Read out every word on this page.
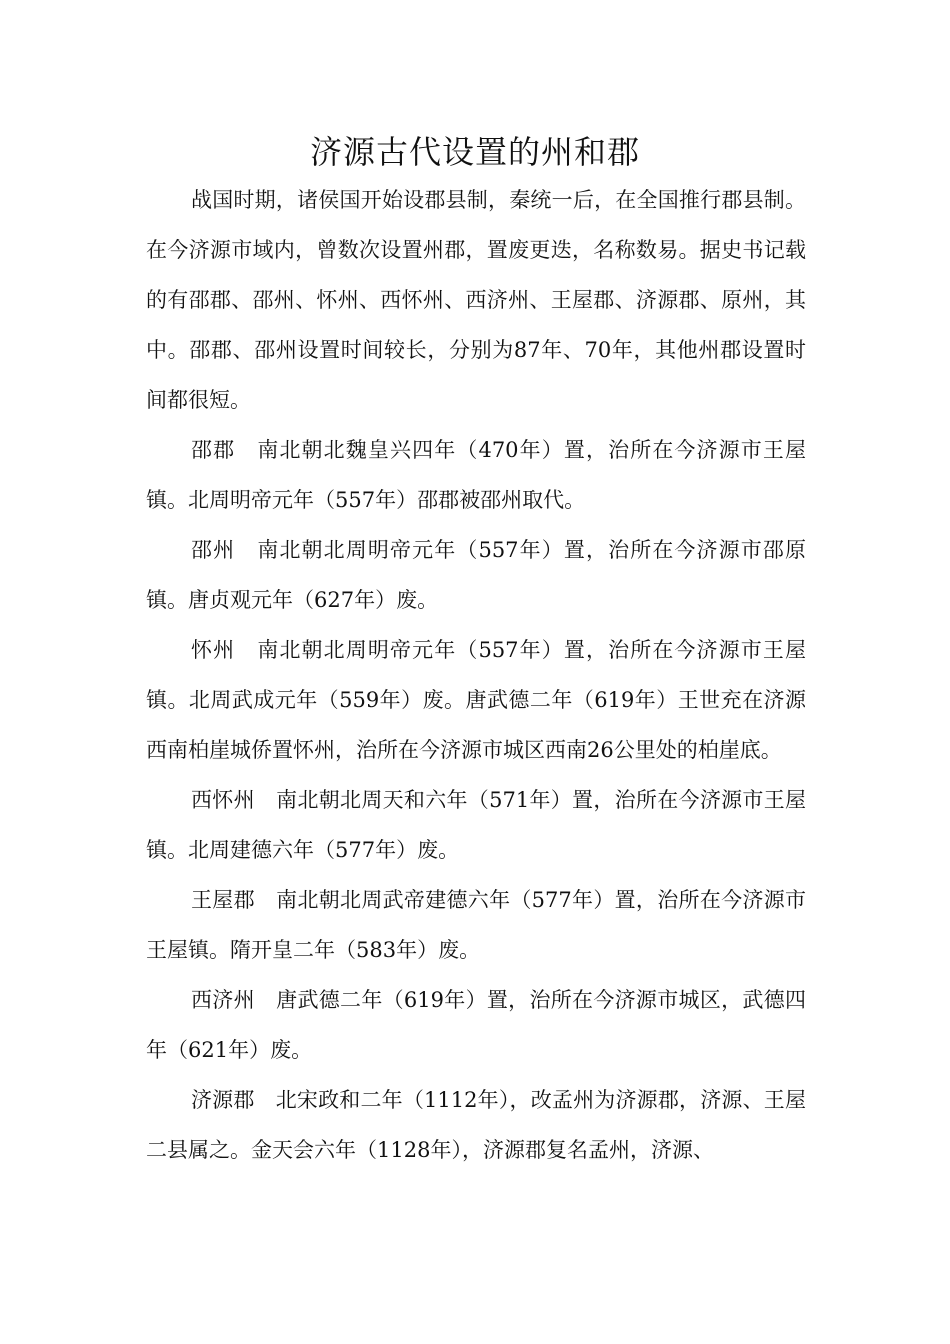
济源古代设置的州和郡

战国时期，诸侯国开始设郡县制，秦统一后，在全国推行郡县制。在今济源市域内，曾数次设置州郡，置废更迭，名称数易。据史书记载的有邵郡、邵州、怀州、西怀州、西济州、王屋郡、济源郡、原州，其中。邵郡、邵州设置时间较长，分别为87年、70年，其他州郡设置时间都很短。

邵郡　南北朝北魏皇兴四年（470年）置，治所在今济源市王屋镇。北周明帝元年（557年）邵郡被邵州取代。

邵州　南北朝北周明帝元年（557年）置，治所在今济源市邵原镇。唐贞观元年（627年）废。

怀州　南北朝北周明帝元年（557年）置，治所在今济源市王屋镇。北周武成元年（559年）废。唐武德二年（619年）王世充在济源西南柏崖城侨置怀州，治所在今济源市城区西南26公里处的柏崖底。

西怀州　南北朝北周天和六年（571年）置，治所在今济源市王屋镇。北周建德六年（577年）废。

王屋郡　南北朝北周武帝建德六年（577年）置，治所在今济源市王屋镇。隋开皇二年（583年）废。

西济州　唐武德二年（619年）置，治所在今济源市城区，武德四年（621年）废。

济源郡　北宋政和二年（1112年），改孟州为济源郡，济源、王屋二县属之。金天会六年（1128年），济源郡复名孟州，济源、
